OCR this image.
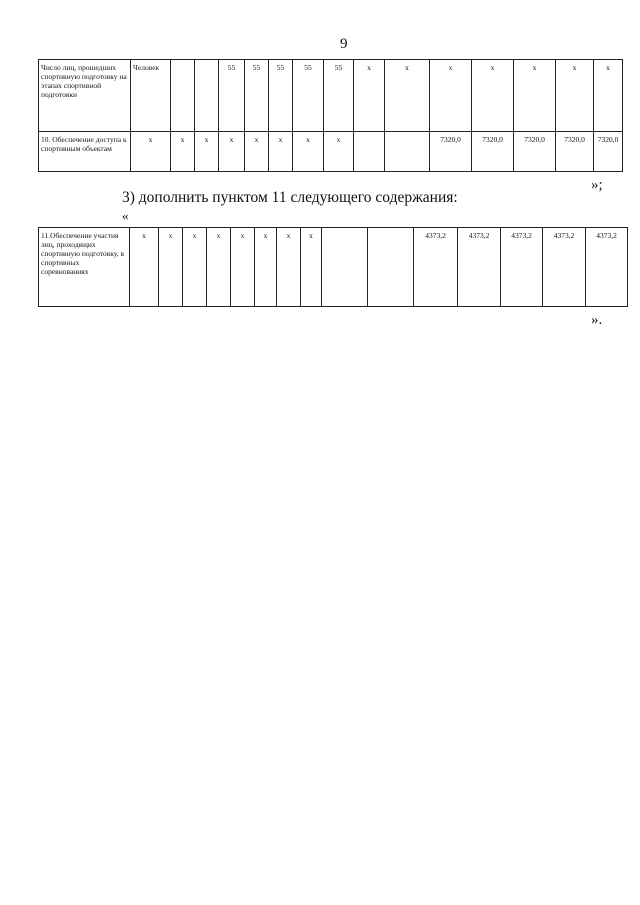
9
Число лиц, прошедших спортивную подготовку на этапах спортивной подготовки	Человек			55	55	55	55	55	х	х	х	х	х	х	х
10. Обеспечение доступа к спортивным объектам	х	х	х	х	х	х	х	х			7320,0	7320,0	7320,0	7320,0	7320,0
»;
3) дополнить пунктом 11 следующего содержания:
«
11.Обеспечение участия лиц, проходящих спортивную подготовку, в спортивных соревнованиях	х	х	х	х	х	х	х	х			4373,2	4373,2	4373,2	4373,2	4373,2
».
